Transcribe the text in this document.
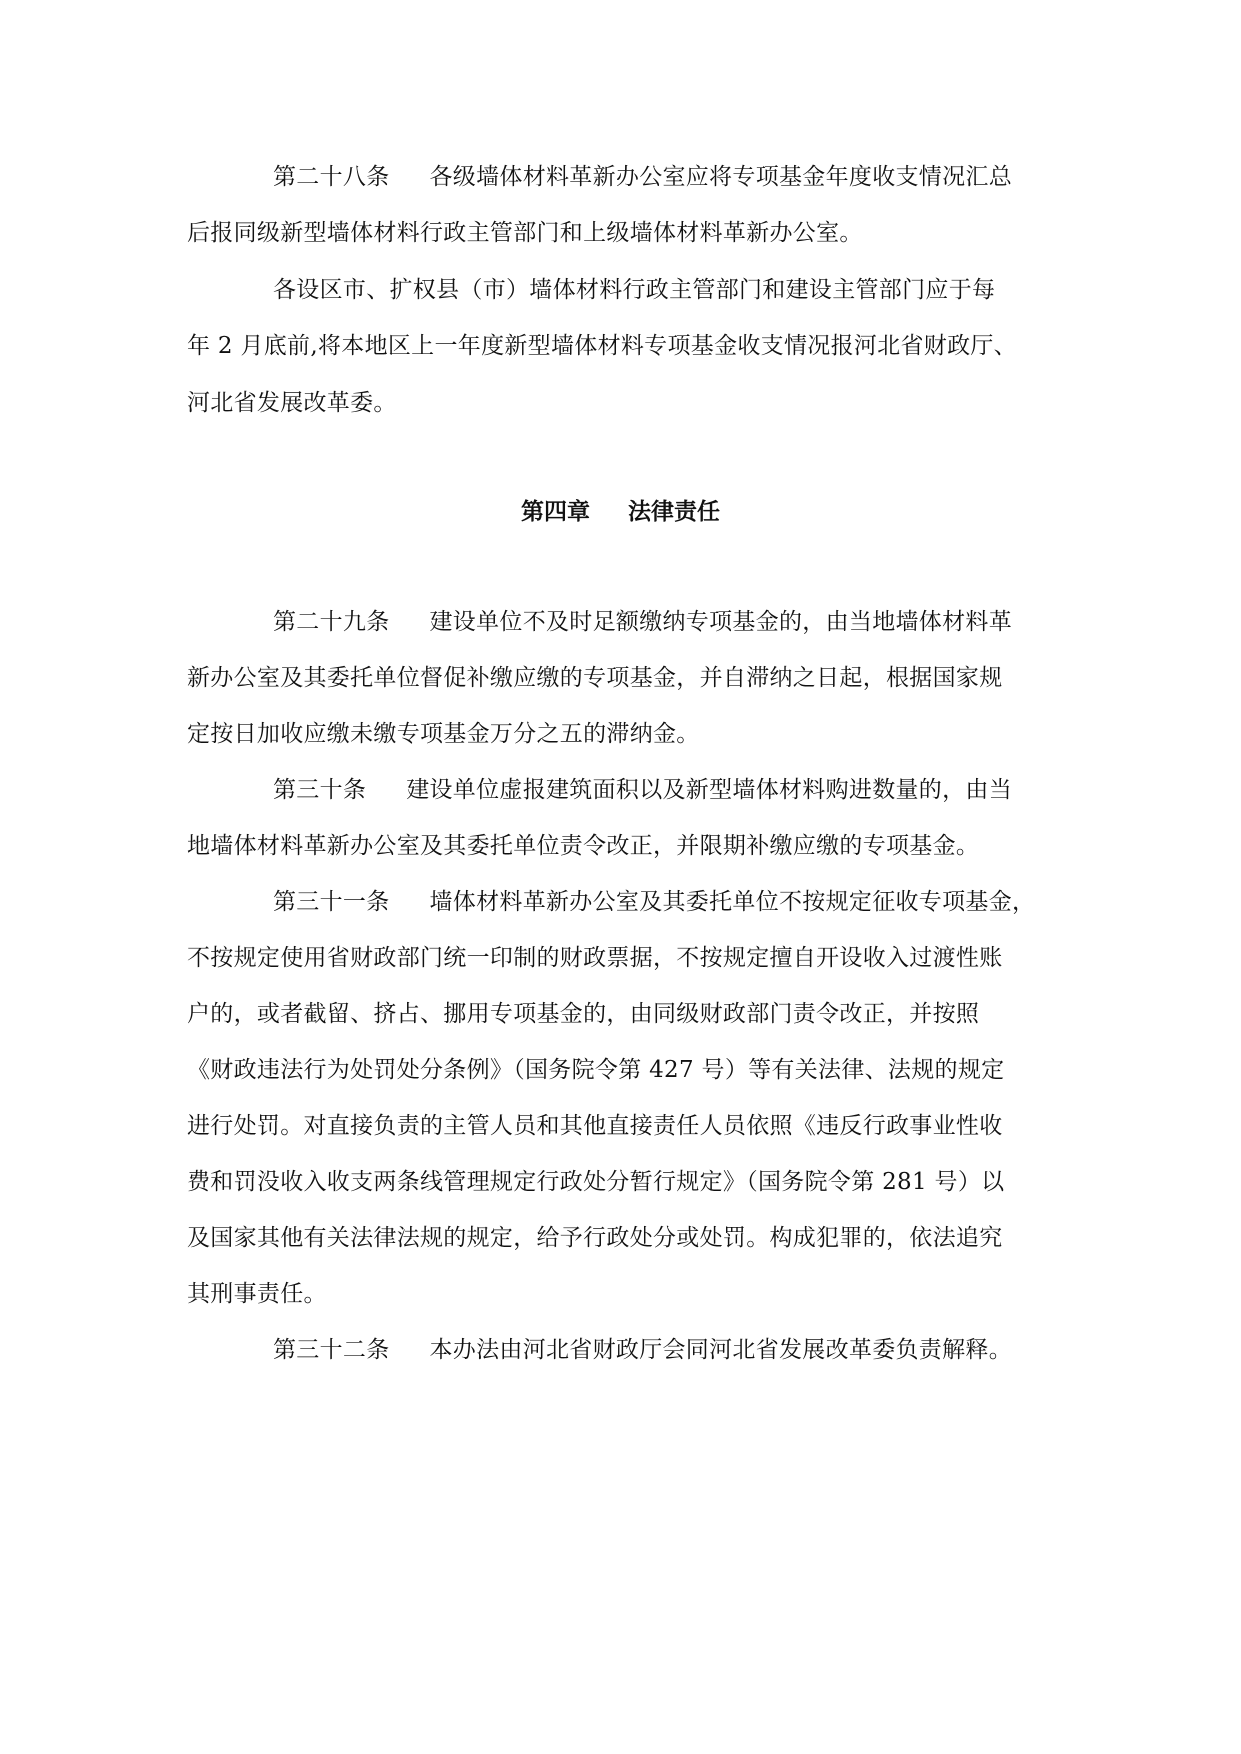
第二十八条 各级墙体材料革新办公室应将专项基金年度收支情况汇总
后报同级新型墙体材料行政主管部门和上级墙体材料革新办公室。
各设区市、扩权县（市）墙体材料行政主管部门和建设主管部门应于每
年 2 月底前,将本地区上一年度新型墙体材料专项基金收支情况报河北省财政厅、
河北省发展改革委。
第四章 法律责任
第二十九条 建设单位不及时足额缴纳专项基金的，由当地墙体材料革
新办公室及其委托单位督促补缴应缴的专项基金，并自滞纳之日起，根据国家规
定按日加收应缴未缴专项基金万分之五的滞纳金。
第三十条 建设单位虚报建筑面积以及新型墙体材料购进数量的，由当
地墙体材料革新办公室及其委托单位责令改正，并限期补缴应缴的专项基金。
第三十一条 墙体材料革新办公室及其委托单位不按规定征收专项基金，
不按规定使用省财政部门统一印制的财政票据，不按规定擅自开设收入过渡性账
户的，或者截留、挤占、挪用专项基金的，由同级财政部门责令改正，并按照
《财政违法行为处罚处分条例》（国务院令第 427 号）等有关法律、法规的规定
进行处罚。对直接负责的主管人员和其他直接责任人员依照《违反行政事业性收
费和罚没收入收支两条线管理规定行政处分暂行规定》（国务院令第 281 号）以
及国家其他有关法律法规的规定，给予行政处分或处罚。构成犯罪的，依法追究
其刑事责任。
第三十二条 本办法由河北省财政厅会同河北省发展改革委负责解释。
